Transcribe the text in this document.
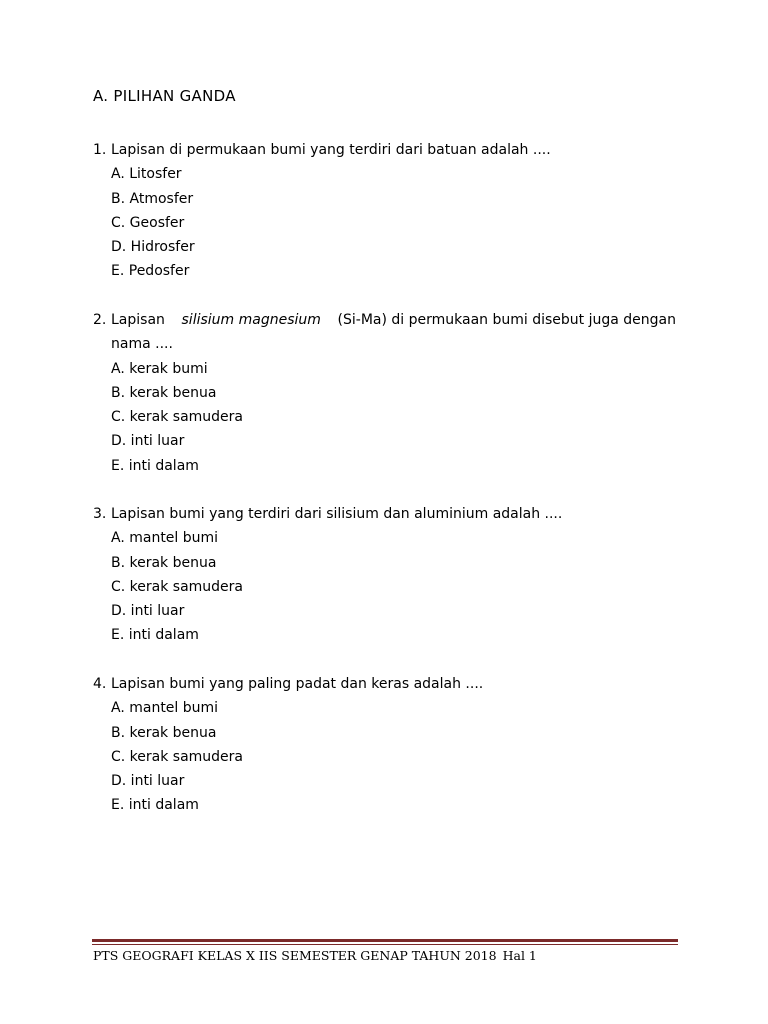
A. PILIHAN GANDA
1. Lapisan di permukaan bumi yang terdiri dari batuan adalah ....
A. Litosfer
B. Atmosfer
C. Geosfer
D. Hidrosfer
E. Pedosfer
2. Lapisan silisium magnesium (Si-Ma) di permukaan bumi disebut juga dengan
nama ....
A. kerak bumi
B. kerak benua
C. kerak samudera
D. inti luar
E. inti dalam
3. Lapisan bumi yang terdiri dari silisium dan aluminium adalah ....
A. mantel bumi
B. kerak benua
C. kerak samudera
D. inti luar
E. inti dalam
4. Lapisan bumi yang paling padat dan keras adalah ....
A. mantel bumi
B. kerak benua
C. kerak samudera
D. inti luar
E. inti dalam
PTS GEOGRAFI KELAS X IIS SEMESTER GENAP TAHUN 2018 Hal 1
